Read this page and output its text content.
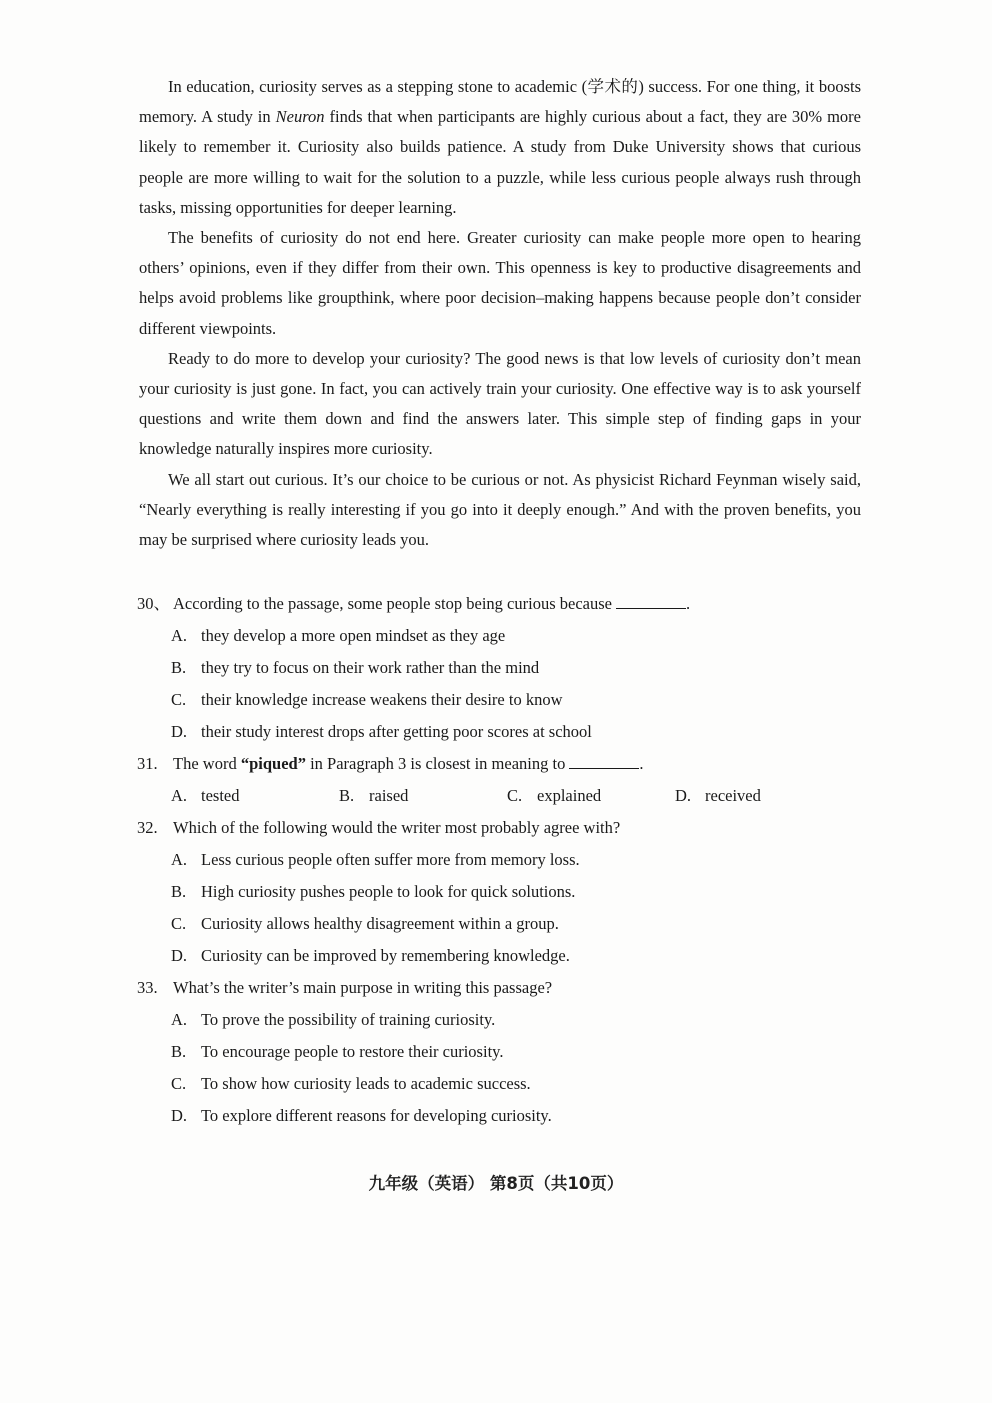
In education, curiosity serves as a stepping stone to academic (学术的) success. For one thing, it boosts memory. A study in Neuron finds that when participants are highly curious about a fact, they are 30% more likely to remember it. Curiosity also builds patience. A study from Duke University shows that curious people are more willing to wait for the solution to a puzzle, while less curious people always rush through tasks, missing opportunities for deeper learning.

The benefits of curiosity do not end here. Greater curiosity can make people more open to hearing others’ opinions, even if they differ from their own. This openness is key to productive disagreements and helps avoid problems like groupthink, where poor decision–making happens because people don’t consider different viewpoints.

Ready to do more to develop your curiosity? The good news is that low levels of curiosity don’t mean your curiosity is just gone. In fact, you can actively train your curiosity. One effective way is to ask yourself questions and write them down and find the answers later. This simple step of finding gaps in your knowledge naturally inspires more curiosity.

We all start out curious. It’s our choice to be curious or not. As physicist Richard Feynman wisely said, “Nearly everything is really interesting if you go into it deeply enough.” And with the proven benefits, you may be surprised where curiosity leads you.

30、 According to the passage, some people stop being curious because	.
A. they develop a more open mindset as they age
B. they try to focus on their work rather than the mind
C. their knowledge increase weakens their desire to know
D. their study interest drops after getting poor scores at school
31. The word “piqued” in Paragraph 3 is closest in meaning to	.
A. tested	B. raised	C. explained	D. received
32. Which of the following would the writer most probably agree with?
A. Less curious people often suffer more from memory loss.
B. High curiosity pushes people to look for quick solutions.
C. Curiosity allows healthy disagreement within a group.
D. Curiosity can be improved by remembering knowledge.
33. What’s the writer’s main purpose in writing this passage?
A. To prove the possibility of training curiosity.
B. To encourage people to restore their curiosity.
C. To show how curiosity leads to academic success.
D. To explore different reasons for developing curiosity.
九年级（英语） 第8页（共10页）
